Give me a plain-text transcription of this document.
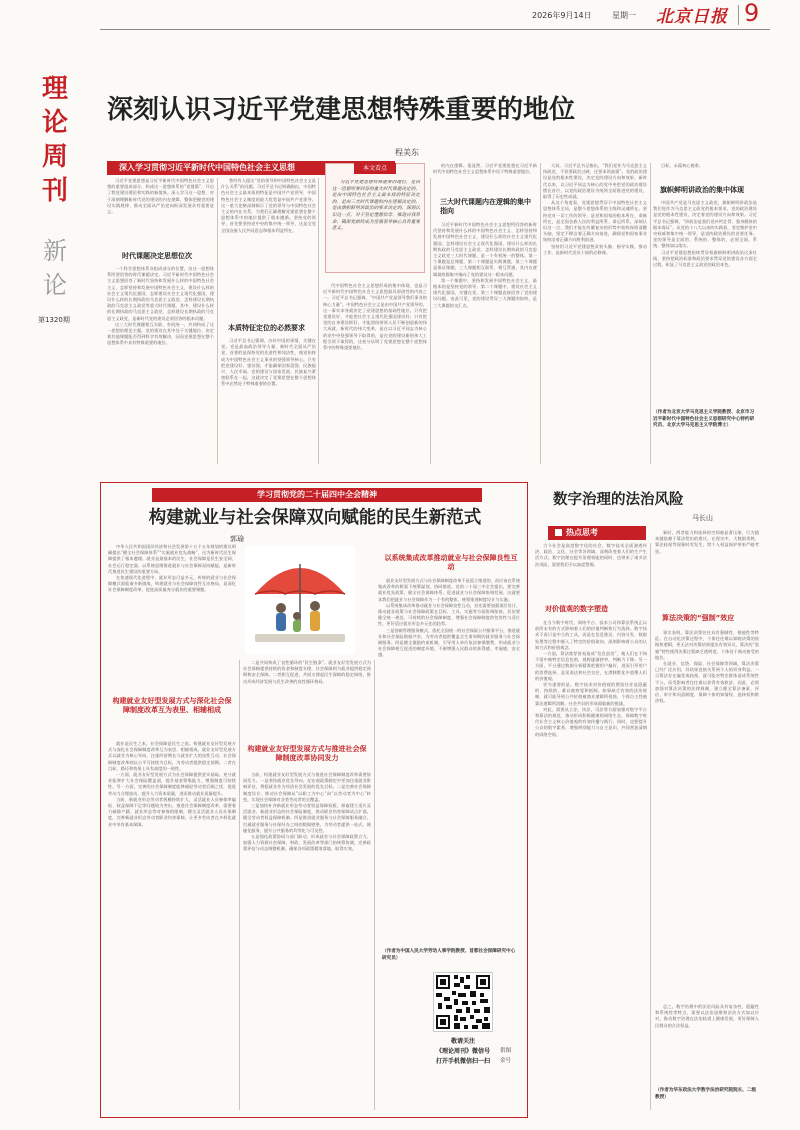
2026年9月14日	星期一 北京日报 9
理论周刊
新论
第1320期
深刻认识习近平党建思想特殊重要的地位
程美东
深入学习贯彻习近平新时代中国特色社会主义思想

习近平党建思想是习近平新时代中国特色社会主义思想的重要组成部分，构成这一思想体系的“党建篇”，开启了我党建设理论和实践的新境界。深入学习这一思想，对于深刻理解新时代党的建设的内在逻辑、整体把握党的建设实践规律、推动全面从严治党向纵深发展具有重要意义。

时代课题决定思想位次

一个科学思想体系各组成部分的位置，由这一思想体系所要回答的时代课题决定。习近平新时代中国特色社会主义思想回答了新时代坚持和发展什么样的中国特色社会主义、怎样坚持和发展中国特色社会主义，建设什么样的社会主义现代化强国、怎样建设社会主义现代化强国，建设什么样的长期执政的马克思主义政党、怎样建设长期执政的马克思主义政党等重大时代课题。其中，建设什么样的长期执政的马克思主义政党、怎样建设长期执政的马克思主义政党，是新时代党的建设必须回答的根本问题。

这三大时代课题相互关联、有机统一，共同构成了这一思想的理论主题。党的建设在其中处于关键地位，决定着其他课题能否得到科学有效解决，因而党建思想在整个思想体系中具有特殊重要的地位。

曾经有人提出“党的领导和中国特色社会主义是什么关系”的问题。习近平总书记明确指出，中国特色社会主义最本质的特征是中国共产党领导，中国特色社会主义制度的最大优势是中国共产党领导。这一重大论断深刻揭示了党的领导与中国特色社会主义的内在关系，为我们正确理解党建思想在整个思想体系中的地位提供了根本遵循。坚持党的领导，首先要坚持党中央的集中统一领导，这是全党全国各族人民共同意志和根本利益所在。

本质特征定位的必然要求

习近平总书记强调，办好中国的事情，关键在党。党是最高政治领导力量，新时代全面从严治党，首要的是保持党的先进性和纯洁性，使党始终成为中国特色社会主义事业的坚强领导核心。只有把党建设好、建设强，才能确保国家富强、民族振兴、人民幸福。党的建设与国家发展、民族复兴紧密联系在一起，这就决定了党建思想在整个思想体系中必然处于特殊重要的位置。

本文看点

习近平党建思想特殊重要的地位，是由这一思想所要回答的重大时代课题决定的，是由中国特色社会主义最本质的特征决定的，是由三大时代课题的内在逻辑决定的，是由旗帜鲜明讲政治的要求决定的。深刻认识这一点，对于坚定理想信念、推进自我革命、确保党始终成为坚强领导核心具有重要意义。

代中国特色社会主义思想形成的集中体现，也是习近平新时代中国特色社会主义思想最具原创性的内容之一。习近平总书记强调，“中国共产党是领导我们事业的核心力量”。中国特色社会主义是由中国共产党领导的，这一事实本身就决定了党建思想的基础性地位。只有把党建设好，才能把社会主义现代化强国建设好；只有把党的自身建设抓好，才能团结带领人民不断创造新的伟大成就。新时代的伟大变革，是在以习近平同志为核心的党中央坚强领导下取得的，是在党的建设新的伟大工程引领下取得的，这充分证明了党建思想在整个思想体系中的特殊重要地位。

的内在逻辑。很显然，习近平党建思想在习近平新时代中国特色社会主义思想体系中居于特殊重要地位。

三大时代课题内在逻辑的集中指向

习近平新时代中国特色社会主义思想所回答的新时代坚持和发展什么样的中国特色社会主义、怎样坚持和发展中国特色社会主义，建设什么样的社会主义现代化强国、怎样建设社会主义现代化强国，建设什么样的长期执政的马克思主义政党、怎样建设长期执政的马克思主义政党三大时代课题，是一个有机统一的整体。第一个课题是总课题，第二个课题是实践课题，第三个课题是保证课题。三大课题相互联系、相互贯通，其内在逻辑最终都集中指向了党的建设这一根本问题。

第一个课题中，坚持和发展中国特色社会主义，最根本的是坚持党的领导。第二个课题中，建设社会主义现代化强国，关键在党。第三个课题直接回答了党的建设问题。由此可见，党的建设贯穿三大课题的始终，是三大课题的交汇点。

大局。习近平总书记指出，“我们党作为马克思主义执政党，不但要政治过硬，还要本领高强”。党的政治建设是党的根本性建设，决定党的建设方向和效果。新时代以来，以习近平同志为核心的党中央把党的政治建设摆在首位，以党的政治建设为统领全面推进党的建设，取得了历史性成就。

从这个角度看，党建思想贯穿于中国特色社会主义思想体系全局，是整个思想体系的主线和灵魂所在。坚持党对一切工作的领导，是党和国家的根本所在、命脉所在，是全国各族人民的利益所系、命运所系。深刻认识这一点，我们才能在纷繁复杂的形势中始终保持清醒头脑，坚定不移沿着正确方向前进，确保党和国家事业始终沿着正确方向胜利前进。

坚持用习近平党建思想武装头脑、指导实践、推动工作，是新时代党员干部的必修课。

目标，永葆初心使命。

旗帜鲜明讲政治的集中体现

中国共产党是马克思主义政党，旗帜鲜明讲政治是我们党作为马克思主义政党的根本要求。党的政治建设是党的根本性建设，决定着党的建设方向和效果。习近平总书记强调，“讲政治是我们党补钙壮骨、强身健体的根本保证”。从党的十八大以来的实践看，坚定维护党中央权威和集中统一领导，是党的政治建设的首要任务。党的领导是全面的、系统的、整体的，必须全面、系统、整体加以落实。

习近平党建思想始终贯穿着旗帜鲜明讲政治这条红线，坚持把政治标准和政治要求贯穿党的建设各方面全过程，彰显了马克思主义政党的政治本色。

（作者为北京大学马克思主义学院教授、北京市习近平新时代中国特色社会主义思想研究中心特约研究员、北京大学马克思主义学院博士）
学习贯彻党的二十届四中全会精神
构建就业与社会保障双向赋能的民生新范式
郭瑜

中华人民共和国国民经济和社会发展第十五个五年规划的建议明确提出“健全社会保障体系”“实施就业优先战略”，这为新时代民生保障提供了根本遵循。就业是最基本的民生，社会保障是民生安全网、社会运行稳定器。以系统思维推进就业与社会保障双向赋能，是新时代推进民生建设的重要方向。

在快速现代化进程中，就业形态日益多元，传统的就业与社会保障模式面临诸多新挑战，构建就业与社会保障良性互动格局，是深化社会保障制度改革、促进高质量充分就业的重要课题。

构建就业友好型发展方式与深化社会保障制度改革互为表里、相辅相成

就业是民生之本，社会保障是民生之依。构建就业友好型发展方式与深化社会保障制度改革互为表里、相辅相成。就业友好型发展方式以就业为核心导向，注重经济增长与就业扩大的良性互动；社会保障制度改革则以公平可持续为目标，为劳动者提供稳定预期。二者在目标、路径和效果上具有高度的一致性。

一方面，就业友好型发展方式为社会保障提供坚实基础。充分就业能够扩大社会保险覆盖面，提升基金筹集能力，增强制度可持续性。另一方面，完善的社会保障制度能够减轻劳动者后顾之忧，促进劳动力合理流动，提升人力资本质量，进而推动就业质量提升。

当前，新就业形态劳动者规模持续扩大，灵活就业人员参保率偏低、权益保障不足等问题较为突出。推进社会保障制度改革，需要着力破除户籍、就业形态等对参保的限制，健全灵活就业人员社保制度，完善新就业形态劳动者职业伤害保障，让更多劳动者在多样化就业中享有基本保障。

二是共同构成了良性循环的“民生链条”。就业友好型发展方式为社会保障提供持续的资金和制度支撑，社会保障则为就业提供稳定预期和安全保障。二者相互促进，共同支撑起民生保障的稳定网络，推动形成经济发展与民生改善的良性循环格局。

构建就业友好型发展方式与推进社会保障制度改革协同发力

当前，构建就业友好型发展方式与推进社会保障制度改革需要协同发力。一是坚持就业优先导向，在宏观政策制定中更加注重就业影响评估，将稳就业作为经济社会发展的优先目标。二是完善社会保障制度设计，推动社会保障从“以职工为中心”向“以劳动者为中心”转变，实现社会保障对各类劳动者的全覆盖。

三是加快补齐新就业形态劳动者权益保障短板。探索建立适应灵活就业、新就业形态的社会保险制度，推动职业伤害保障试点扩面，健全劳动者权益保障机制。四是推进就业服务与社会保障服务融合，打通就业服务与社保经办之间的数据壁垒，为劳动者提供一站式、便捷化服务，提升公共服务的均等化与可及性。

五是强化政策协同与部门联动，形成就业与社会保障政策合力。加强人力资源社会保障、财政、发展改革等部门的统筹协调，完善政策评估与动态调整机制，确保各项政策精准落地、取得实效。

以系统集成改革推动就业与社会保障良性互动

就业友好型发展方式与社会保障制度改革不是孤立推进的，而应该在系统集成改革的框架下统筹谋划、协同推进。党的二十届三中全会提出，要完善就业优先政策，健全社会保障体系，促进就业与社会保障协调发展。这就要求我们把就业与社会保障作为一个有机整体，统筹推进制度设计与实施。

以系统集成改革推动就业与社会保障良性互动，首先需要加强顶层设计，推动就业政策与社会保障政策在目标、工具、实施等方面协调衔接。其次要健全统一规范、可持续的社会保障制度，增强社会保障制度的包容性与适应性，更好适应就业形态多元化的趋势。

三是创新管理服务模式。依托全国统一的社会保险公共服务平台，推进就业和社会保险数据共享，为劳动者提供覆盖全生命周期的就业服务与社会保障服务。四是健全激励约束机制，引导用人单位依法参保缴费，形成就业与社会保障相互促进的制度环境，不断增强人民群众的获得感、幸福感、安全感。

（作者为中国人民大学劳动人事学院教授、首都社会保障研究中心研究员）
敬请关注
《理论周刊》微信号
打开手机微信扫一扫
供图
金号
数字治理的法治风险
马长山
热点思考

当今社会是高度数字化的社会，数字技术全面渗透经济、政治、文化、社会等各领域，深刻改变着人们的生产生活方式。数字治理在提升治理效能的同时，也带来了诸多法治风险，需要我们予以高度警惕。

对价值观的数字塑造

在当今数字时代，网络平台、技术公司和算法系统正以前所未有的方式影响着人们的价值判断和行为选择。数字技术不再只是中立的工具，而是在信息推送、内容分发、数据处理等过程中嵌入了特定的价值取向，深刻影响着公众的认知方式和价值观念。

一方面，算法推荐容易造成“信息茧房”，使人们在不知不觉中被特定信息包围，视野逐渐狭窄，判断力下降。另一方面，平台通过数据分析精准把握用户偏好，进而引导用户的消费选择、意见表达和社会交往，在潜移默化中重塑人们的价值观。

更为重要的是，数字技术对价值观的塑造往往是隐蔽的、持续的，难以被察觉和抵制。如果缺乏有效的法治规制，就可能导致公共价值被商业逻辑所侵蚀，个体自主性被算法逻辑所消解，社会共识的形成面临新的挑战。

对此，需要从立法、执法、司法等方面加强对数字平台和算法的规范，推动形成积极健康的网络生态，保障数字时代社会主义核心价值观的有效传播与践行。同时，也要提升公众的数字素养，增强辨别能力与自主意识，共同营造清朗的网络空间。

新时，两者能力和选择的空间被显著压缩，行为越来越依赖于算法给出的建议。在现实中，大数据杀熟、算法歧视等现象时有发生，给个人权益保护带来严峻考验。

算法决策的“强制”效应

事实表明，算法决策往往具有强制性、排他性等特征。在自动化决策过程中，个体往往难以知晓决策的依据和逻辑，更无法对决策结果提出有效异议。算法的“黑箱”特性使得决策过程缺乏透明度，个体处于被动接受的地位。

在就业、信贷、保险、社会保障等领域，算法决策已经广泛应用，其结果直接关系到个人的切身利益。一旦算法存在偏差或歧视，就可能对特定群体造成系统性不公，而受影响者往往难以获得有效救济。因此，必须加强对算法决策的法律规制，建立健全算法备案、评估、审计和问责制度，保障个体的知情权、选择权和救济权。

总之，数字治理中的法治风险具有复杂性、隐蔽性和系统性等特点，需要以法治思维和法治方式加以应对，推动数字治理在法治轨道上健康发展，更好保障人民群众的合法权益。

（作者为华东政法大学数字法治研究院院长、二级教授）
